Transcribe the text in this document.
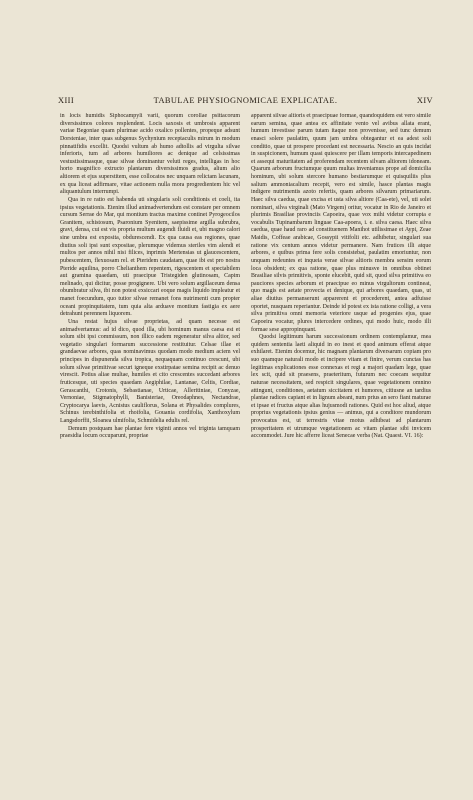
XIII	TABULAE PHYSIOGNOMICAE EXPLICATAE.	XIV

in locis humidis Siphocampyli varii, quorum corollae psittacorum diversissimos colores resplendent. Locis saxosis et umbrosis apparent variae Begoniae quam plurimae acido oxalico pollentes, propeque adsunt Dorsteniae, inter quas subgenus Sychynium receptaculis mirum in modum pinnatifidis excellit. Quodsi vultum ab humo adtollis ad virgulta silvae inferioris, tum ad arbores humiliores ac denique ad celsissimas vestustissimasque, quae silvae dominantur veluti reges, intelligas in hoc horto magnifico extructo plantarum diversissimos gradus, alium alio altiorem et ejus superstitem, esse collocatos nec unquam relictam lacunam, ex qua liceat adfirmare, vitae actionem nulla mora progredientem hic vel aliquantulum interrumpi.

Qua in re ratio est habenda uti singularis soli conditionis et coeli, ita ipsius vegetationis. Etenim illud animadvertendum est constare per omnem cursum Serrae do Mar, qui montium tractus maxime continet Pyrogeocilos Granitem, schistosum, Psaronium Syenitem, saepissime argilla subrubra, gravi, densa, cui est vis propria multum augendi fluidi et, ubi magno calori sine umbra est exposita, obdurescendi. Ex qua causa eas regiones, quae diutius soli ipsi sunt expositae, plerumque videmus steriles vim alendi et multos per annos nihil nisi filices, inprimis Mertensias ut glaucescentem, pubescentem, flexuosam rel. et Pteridem caudatam, quae ibi est pro nostra Pteride aquilina, porro Chelianthem repentem, rigescentem et spectabilem aut gramina quaedam, uti praecipue Tristegiden glutinosam, Capim melinado, qui dicitur, posse progignere. Ubi vero solum argillaceum densa obumbratur silva, ibi non potest exsiccari eoque magis liquido impleatur et manet foecundum, quo tutior silvae remanet fons nutrimenti cum propter oceani propinquitatem, tum quia alta arduave montium fastigia ex aere detrahunt perennem liquorem.

Una restat hujus silvae proprietas, ad quam necesse est animadvertamus: ad id dico, quod illa, ubi hominum manus caesa est et solum sibi ipsi commissum, non illico eadem regeneratur silva altior, sed vegetatio singulari formarum successione restituitur. Celsae illae et grandaevae arbores, quas nominavimus quodam modo medium aciem vel principes in dispunenda silva tropica, nequaquam continuo crescunt, ubi solum silvae primitivae securi igneque exstirpatae semina recipit ac denuo virescit. Potius aliae multae, humiles et cito crescentes succedant arbores fruticesque, uti species quaedam Aegiphilae, Lantanae, Celtis, Cordiae, Gerascanthi, Crotonis, Sebastianae, Urticae, Alleritiniae, Conyzae, Vernoniae, Stigmatophylli, Banisteriae, Oreodaphnes, Nectandrae, Cryptocarya laevis, Acnistus cauliflorus, Solana et Physalides complures, Schinus terebinthifolia et rhoifolia, Gouania cordifolia, Xanthoxylum Langsdorffii, Sloanea ulmifolia, Schmidelia edulis rel.

Demum postquam hae plantae fere viginti annos vel triginta tamquam praesidia locum occuparunt, propriae

apparent silvae altioris et praecipuae formae, quandoquidem est vero simile earum semina, quae antea ex affinitate vento vel avibus allata erant, humum investisse parum tutam itaque non provenisse, sed tunc demum enasci solere paulatim, quum jam umbra obtegantur et ea adest soli conditio, quae ut prospere procedant est necessaria. Nescio an quis incidat in suspicionem, humum quasi quiescere per illam temporis intercapedinem et assequi maturitatem ad proferendam recentem silvam altiorem idoneam. Quarum arborum fructumque quum multas inveniamus prope ad domicilia hominum, ubi solum stercore humano bestiarumque et quisquiliis plus salium ammoniacalium recepit, vero est simile, hasce plantas magis indigere nutrimentis azoto refertis, quam arbores silvarum primariarum. Haec silva caedua, quae excisa et usta silva altiore (Caa-ete), vel, uti solet nominari, silva virginali (Mato Virgem) oritur, vocatur in Rio de Janeiro et plurimis Brasiliae provinciis Capoeira, quae vox mihi videtur corrupta e vocabulis Tupinambarum linguae Caa-apoera, i. e. silva caesa. Haec silva caedua, quae haud raro ad constituenem Manihot utilissimae et Aypi, Zeae Maidis, Coffeae arabicae, Gossypii vitifolii etc. adhibetur, singulari sua ratione vix centum annos videtur permanere. Nam frutices illi atque arbores, e quibus prima fere solis consistebat, paulatim emoriuntur, non unquam redeuntes et inqueia verae silvae altioris membra sensim eorum loca obsident; ex qua ratione, quae plus minusve in omnibus obtinet Brasiliae silvis primitivis, sponte elucebit, quid sit, quod silva primitiva eo pauciores species arborum et praecipue eo minus virgultorum contineat, quo magis est aetate provecta et denique, qui arbores quaedam, quas, ut aliae diutius permanserunt apparerent et procederent, antea adfuisse oportet, nusquam reperiantur. Deinde id potest ex ista ratione colligi, a vera silva primitiva omni memoria veteriore usque ad progenies ejus, quae Capoeira vocatur, plures intercedere ordines, qui modo huic, modo illi formae sese appropinquant.

Quodsi legitimum harum successionum ordinem contemplamur, mea quidem sententia laeti aliquid in eo inest et quod animum efferat atque exhilaret. Etenim docemur, hic magnam plantarum diversarum copiam pro suo quamque naturali modo et incipere vitam et finire, verum cunctas has legitimas explicationes esse connexas et regi a majori quadam lege, quae lex scit, quid sit praesens, praeteritum, futurum nec coecam sequitur naturae necessitatem, sed respicit singulares, quae vegetationem omnino attingunt, conditiones, aetatum siccitatem et humores, citiusne an tardius plantae radices capiant et in lignum abeant, num prius an sero fiant maturae et ipsae et fructus atque alias hujusmodi rationes. Quid est hoc aliud, atque proprius vegetationis ipsius genius — animus, qui a conditore mundorum provocatus est, ut terrestris vitae motus adhibeat ad plantarum prosperitatem et utrumque vegetationem ac vitam plantae sibi invicem accommodet. Jure hic afferre liceat Senecae verba (Nat. Quaest. VI. 16):
